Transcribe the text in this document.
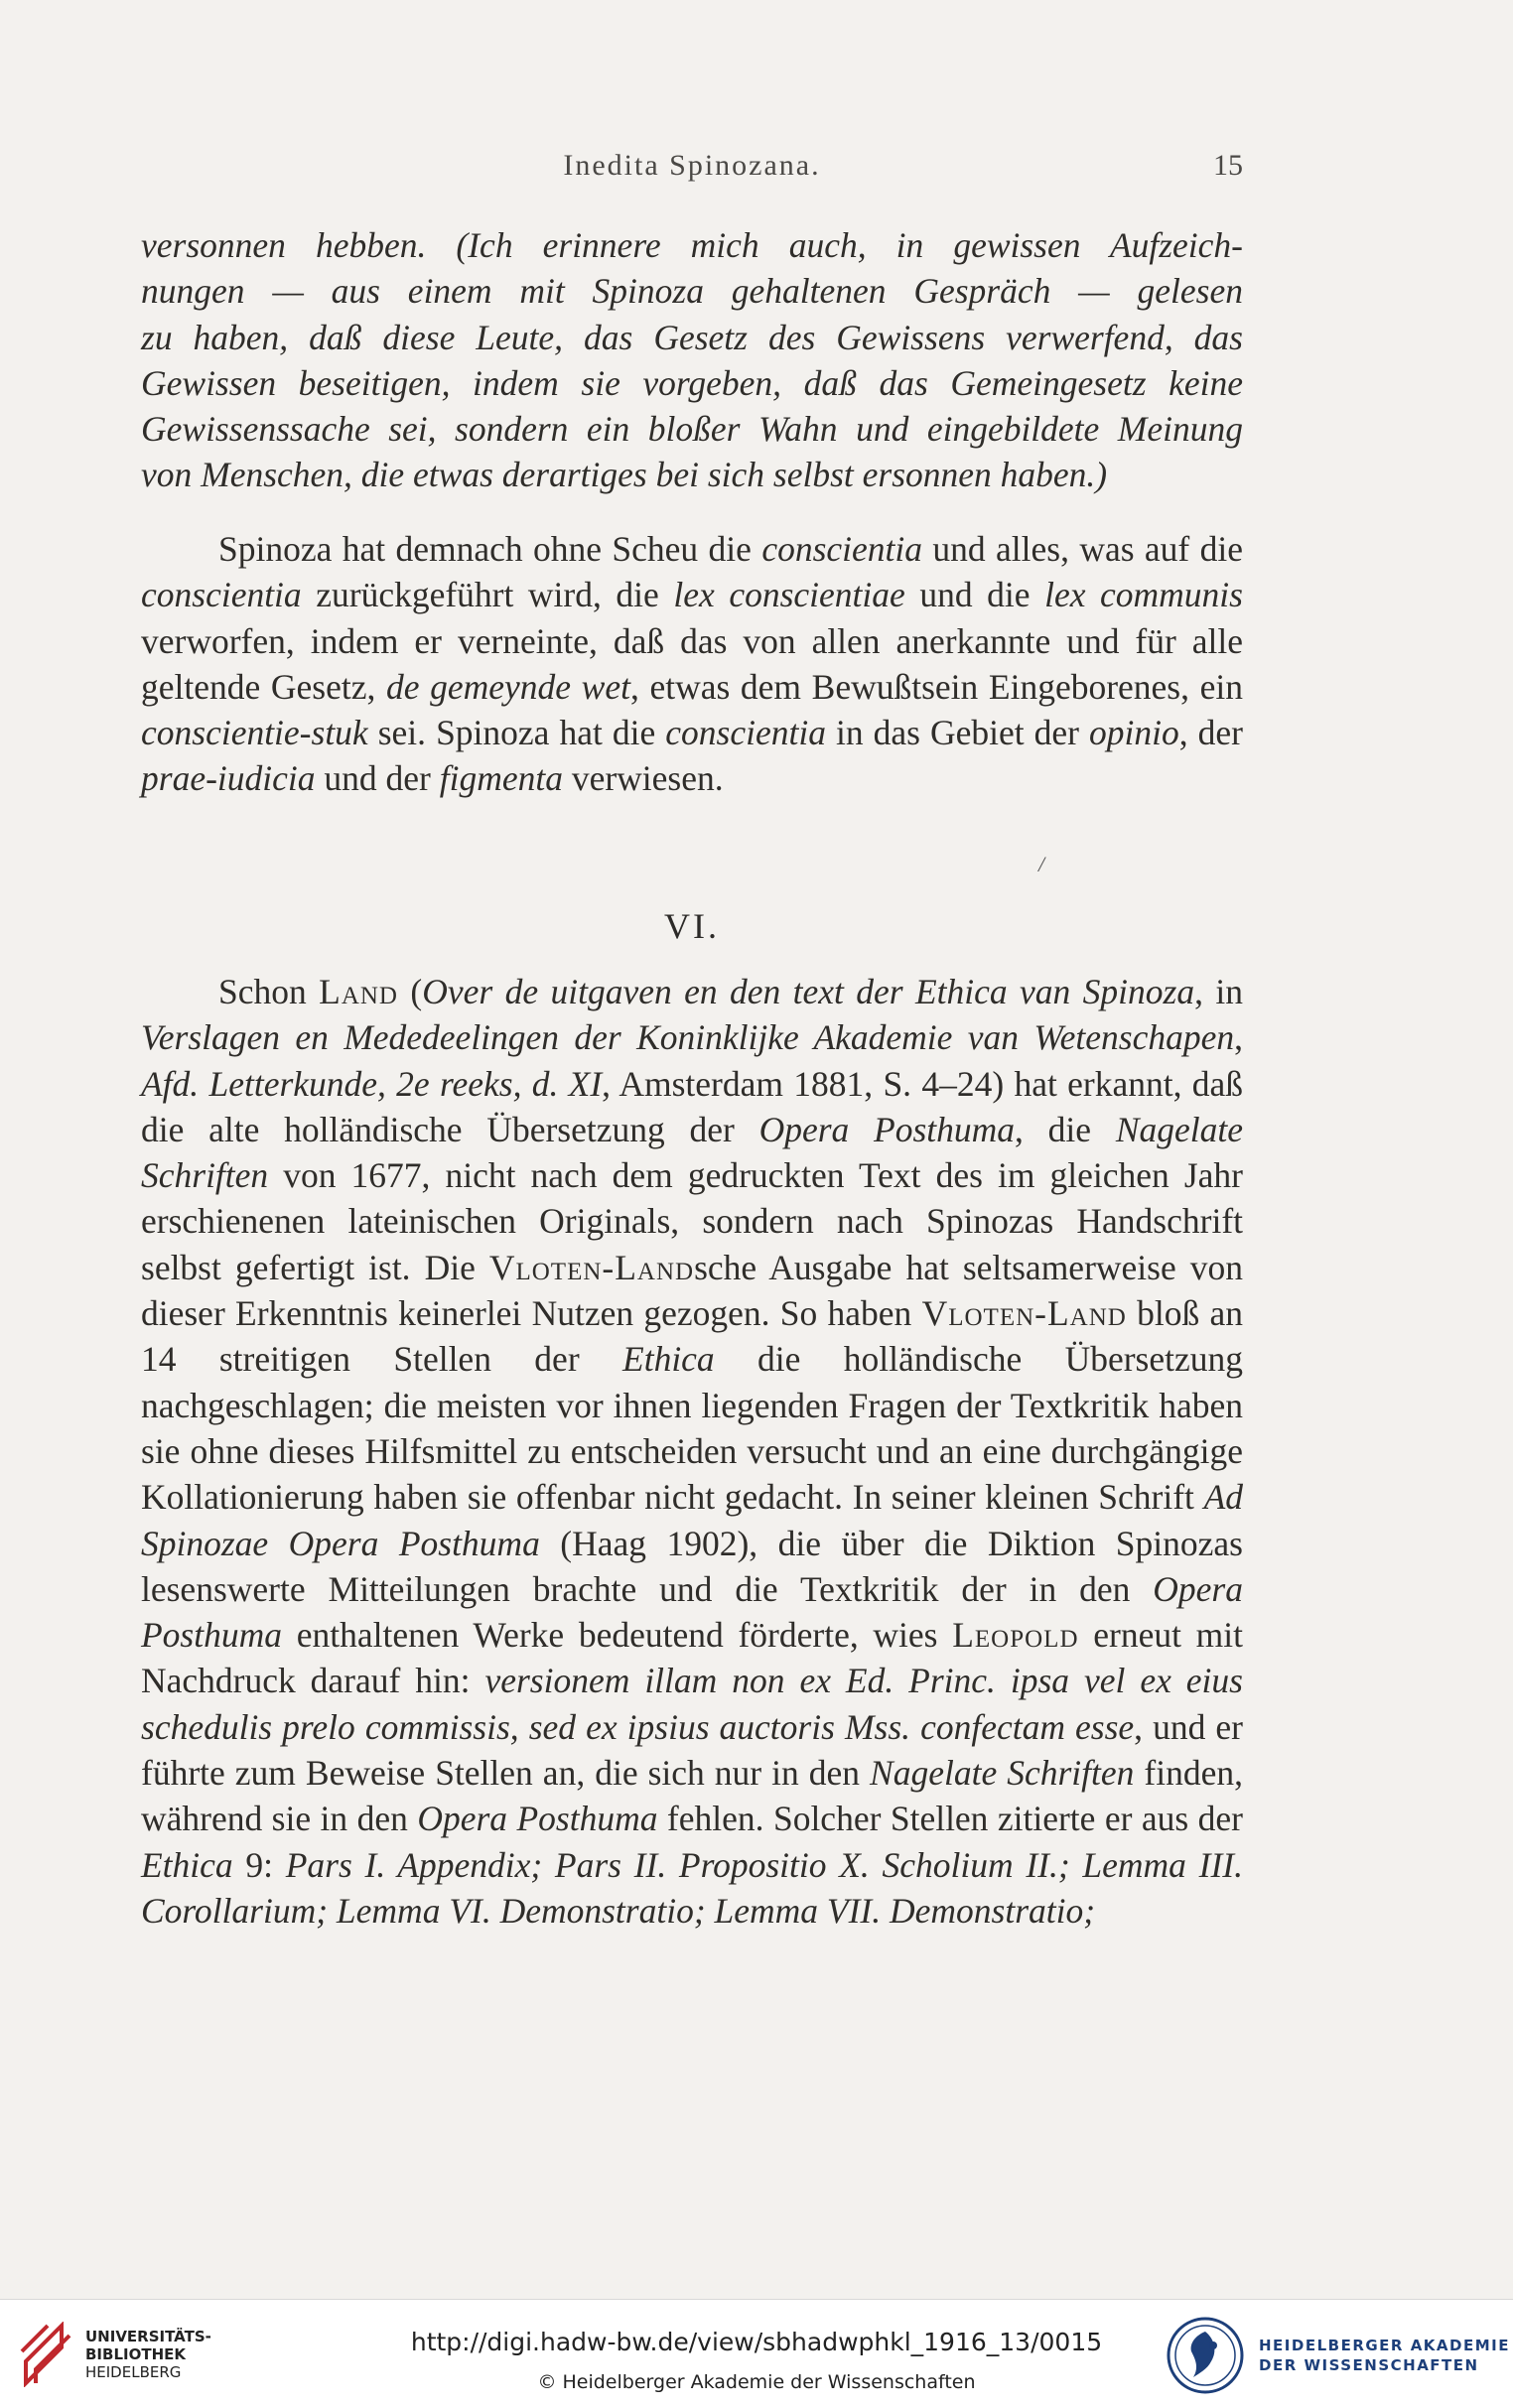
Inedita Spinozana.	15
versonnen hebben. (Ich erinnere mich auch, in gewissen Aufzeich-
nungen — aus einem mit Spinoza gehaltenen Gespräch — gelesen
zu haben, daß diese Leute, das Gesetz des Gewissens verwerfend, das
Gewissen beseitigen, indem sie vorgeben, daß das Gemeingesetz keine
Gewissenssache sei, sondern ein bloßer Wahn und eingebildete Meinung
von Menschen, die etwas derartiges bei sich selbst ersonnen haben.)
Spinoza hat demnach ohne Scheu die conscientia und alles, was auf die conscientia zurückgeführt wird, die lex conscientiae und die lex communis verworfen, indem er verneinte, daß das von allen anerkannte und für alle geltende Gesetz, de gemeynde wet, etwas dem Bewußtsein Eingeborenes, ein conscientie-stuk sei. Spinoza hat die conscientia in das Gebiet der opinio, der prae-iudicia und der figmenta verwiesen.
/
VI.
Schon Land (Over de uitgaven en den text der Ethica van Spinoza, in Verslagen en Mededeelingen der Koninklijke Akademie van Wetenschapen, Afd. Letterkunde, 2e reeks, d. XI, Amsterdam 1881, S. 4–24) hat erkannt, daß die alte holländische Übersetzung der Opera Posthuma, die Nagelate Schriften von 1677, nicht nach dem gedruckten Text des im gleichen Jahr erschienenen lateinischen Originals, sondern nach Spinozas Handschrift selbst gefertigt ist. Die Vloten-Landsche Ausgabe hat seltsamerweise von dieser Erkenntnis keinerlei Nutzen gezogen. So haben Vloten-Land bloß an 14 streitigen Stellen der Ethica die holländische Übersetzung nachgeschlagen; die meisten vor ihnen liegenden Fragen der Textkritik haben sie ohne dieses Hilfsmittel zu entscheiden versucht und an eine durchgängige Kollationierung haben sie offenbar nicht gedacht. In seiner kleinen Schrift Ad Spinozae Opera Posthuma (Haag 1902), die über die Diktion Spinozas lesenswerte Mitteilungen brachte und die Textkritik der in den Opera Posthuma enthaltenen Werke bedeutend förderte, wies Leopold erneut mit Nachdruck darauf hin: versionem illam non ex Ed. Princ. ipsa vel ex eius schedulis prelo commissis, sed ex ipsius auctoris Mss. confectam esse, und er führte zum Beweise Stellen an, die sich nur in den Nagelate Schriften finden, während sie in den Opera Posthuma fehlen. Solcher Stellen zitierte er aus der Ethica 9: Pars I. Appendix; Pars II. Propositio X. Scholium II.; Lemma III. Corollarium; Lemma VI. Demonstratio; Lemma VII. Demonstratio;
UNIVERSITÄTS-
BIBLIOTHEK
HEIDELBERG
http://digi.hadw-bw.de/view/sbhadwphkl_1916_13/0015
© Heidelberger Akademie der Wissenschaften
HEIDELBERGER AKADEMIE
DER WISSENSCHAFTEN
